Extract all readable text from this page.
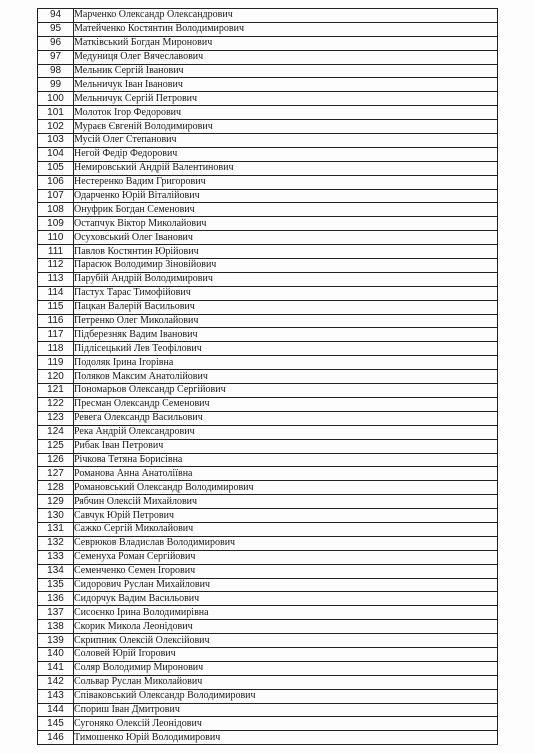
94	Марченко Олександр Олександрович
95	Матейченко Костянтин Володимирович
96	Матківський Богдан Миронович
97	Медуниця Олег Вячеславович
98	Мельник Сергій Іванович
99	Мельничук Іван Іванович
100	Мельничук Сергій Петрович
101	Молоток Ігор Федорович
102	Мураєв Євгеній Володимирович
103	Мусій Олег Степанович
104	Негой Федір Федорович
105	Немировський Андрій Валентинович
106	Нестеренко Вадим Григорович
107	Одарченко Юрій Віталійович
108	Онуфрик Богдан Семенович
109	Остапчук Віктор Миколайович
110	Осуховський Олег Іванович
111	Павлов Костянтин Юрійович
112	Парасюк Володимир Зіновійович
113	Парубій Андрій Володимирович
114	Пастух Тарас Тимофійович
115	Пацкан Валерій Васильович
116	Петренко Олег Миколайович
117	Підберезняк Вадим Іванович
118	Підлісецький Лев Теофілович
119	Подоляк Ірина Ігорівна
120	Поляков Максим Анатолійович
121	Пономарьов Олександр Сергійович
122	Пресман Олександр Семенович
123	Ревега Олександр Васильович
124	Река Андрій Олександрович
125	Рибак Іван Петрович
126	Річкова Тетяна Борисівна
127	Романова Анна Анатоліївна
128	Романовський Олександр Володимирович
129	Рябчин Олексій Михайлович
130	Савчук Юрій Петрович
131	Сажко Сергій Миколайович
132	Севрюков Владислав Володимирович
133	Семенуха Роман Сергійович
134	Семенченко Семен Ігорович
135	Сидорович Руслан Михайлович
136	Сидорчук Вадим Васильович
137	Сисоєнко Ірина Володимирівна
138	Скорик Микола Леонідович
139	Скрипник Олексій Олексійович
140	Соловей Юрій Ігорович
141	Соляр Володимир Миронович
142	Сольвар Руслан Миколайович
143	Співаковський Олександр Володимирович
144	Спориш Іван Дмитрович
145	Сугоняко Олексій Леонідович
146	Тимошенко Юрій Володимирович
